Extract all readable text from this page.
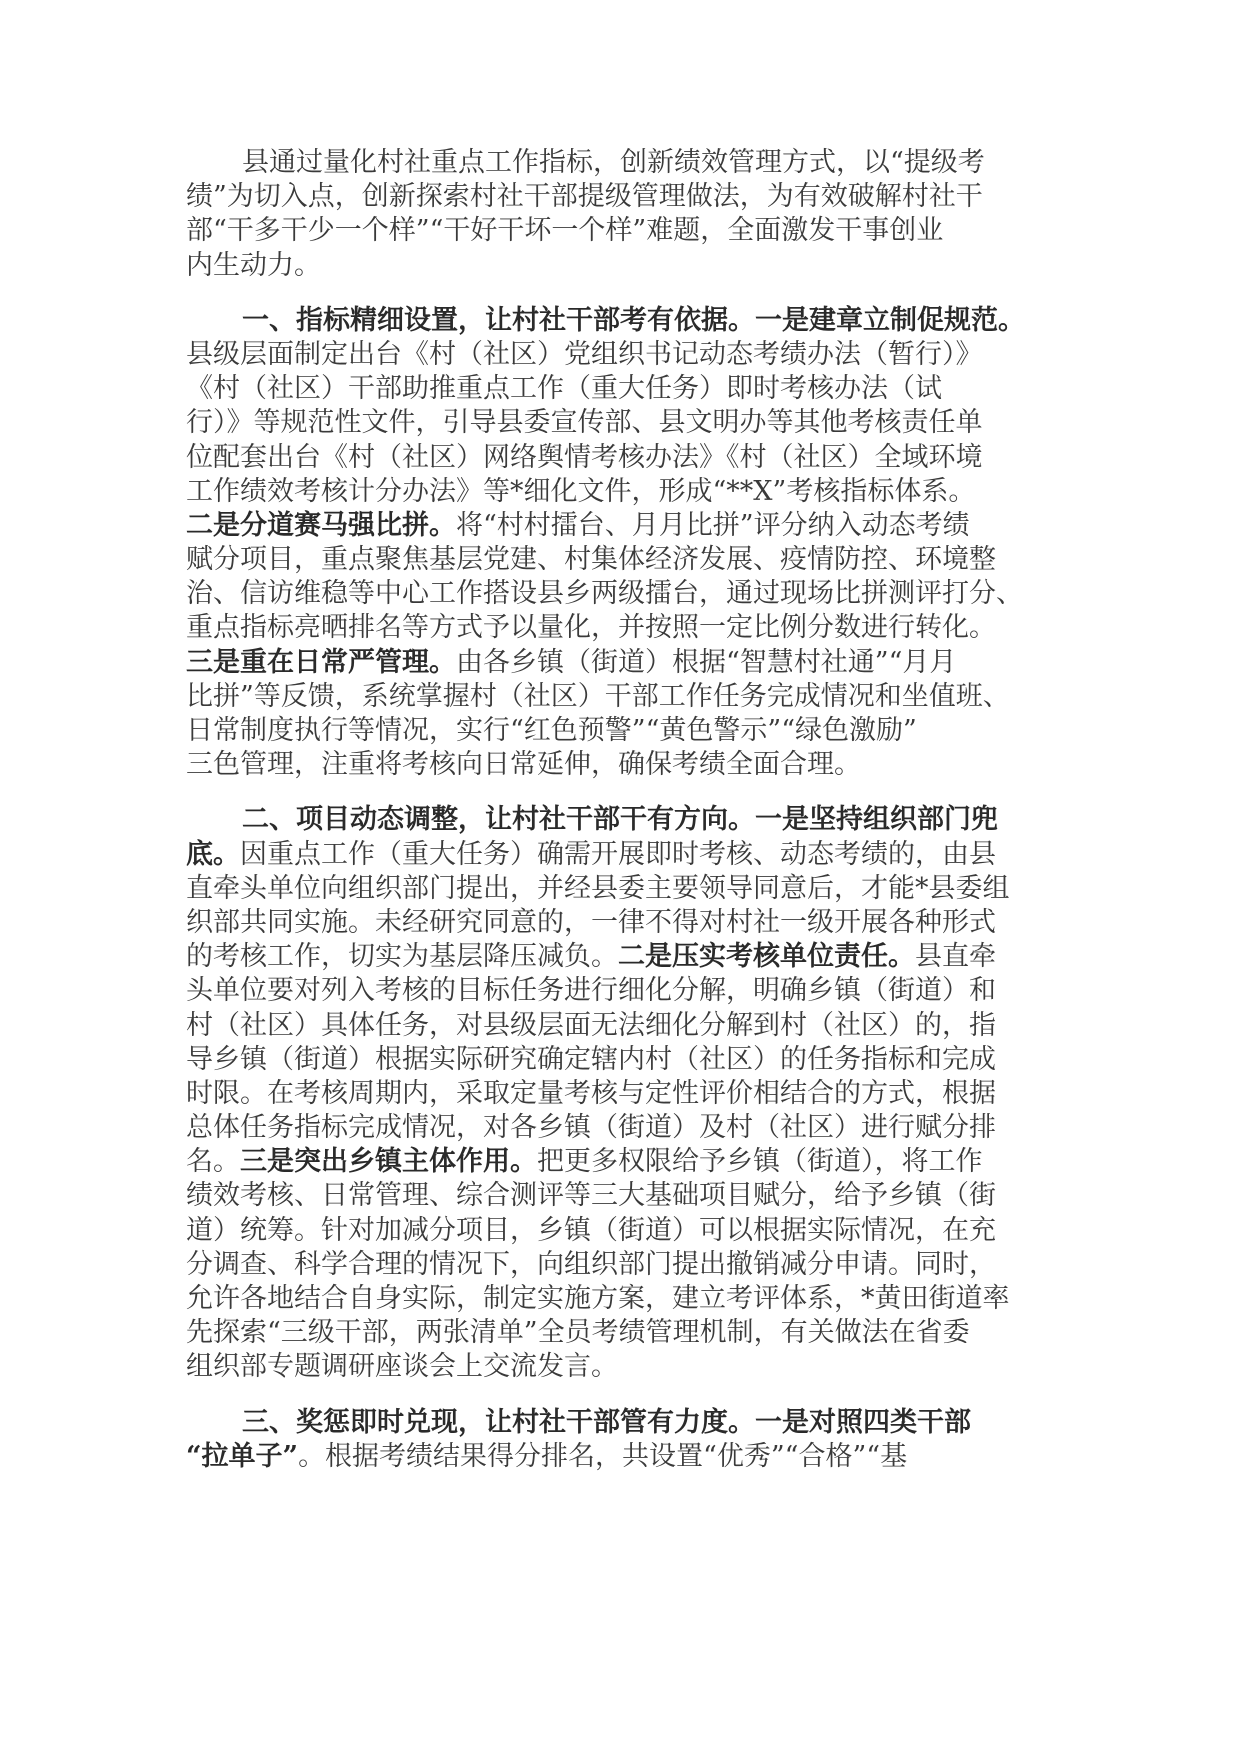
县通过量化村社重点工作指标，创新绩效管理方式，以“提级考
绩”为切入点，创新探索村社干部提级管理做法，为有效破解村社干
部“干多干少一个样”“干好干坏一个样”难题，全面激发干事创业
内生动力。
一、指标精细设置，让村社干部考有依据。一是建章立制促规范。
县级层面制定出台《村（社区）党组织书记动态考绩办法（暂行）》
《村（社区）干部助推重点工作（重大任务）即时考核办法（试
行）》等规范性文件，引导县委宣传部、县文明办等其他考核责任单
位配套出台《村（社区）网络舆情考核办法》《村（社区）全域环境
工作绩效考核计分办法》等*细化文件，形成“**X”考核指标体系。
二是分道赛马强比拼。将“村村擂台、月月比拼”评分纳入动态考绩
赋分项目，重点聚焦基层党建、村集体经济发展、疫情防控、环境整
治、信访维稳等中心工作搭设县乡两级擂台，通过现场比拼测评打分、
重点指标亮晒排名等方式予以量化，并按照一定比例分数进行转化。
三是重在日常严管理。由各乡镇（街道）根据“智慧村社通”“月月
比拼”等反馈，系统掌握村（社区）干部工作任务完成情况和坐值班、
日常制度执行等情况，实行“红色预警”“黄色警示”“绿色激励”
三色管理，注重将考核向日常延伸，确保考绩全面合理。
二、项目动态调整，让村社干部干有方向。一是坚持组织部门兜
底。因重点工作（重大任务）确需开展即时考核、动态考绩的，由县
直牵头单位向组织部门提出，并经县委主要领导同意后，才能*县委组
织部共同实施。未经研究同意的，一律不得对村社一级开展各种形式
的考核工作，切实为基层降压减负。二是压实考核单位责任。县直牵
头单位要对列入考核的目标任务进行细化分解，明确乡镇（街道）和
村（社区）具体任务，对县级层面无法细化分解到村（社区）的，指
导乡镇（街道）根据实际研究确定辖内村（社区）的任务指标和完成
时限。在考核周期内，采取定量考核与定性评价相结合的方式，根据
总体任务指标完成情况，对各乡镇（街道）及村（社区）进行赋分排
名。三是突出乡镇主体作用。把更多权限给予乡镇（街道），将工作
绩效考核、日常管理、综合测评等三大基础项目赋分，给予乡镇（街
道）统筹。针对加减分项目，乡镇（街道）可以根据实际情况，在充
分调查、科学合理的情况下，向组织部门提出撤销减分申请。同时，
允许各地结合自身实际，制定实施方案，建立考评体系，*黄田街道率
先探索“三级干部，两张清单”全员考绩管理机制，有关做法在省委
组织部专题调研座谈会上交流发言。
三、奖惩即时兑现，让村社干部管有力度。一是对照四类干部
“拉单子”。根据考绩结果得分排名，共设置“优秀”“合格”“基
